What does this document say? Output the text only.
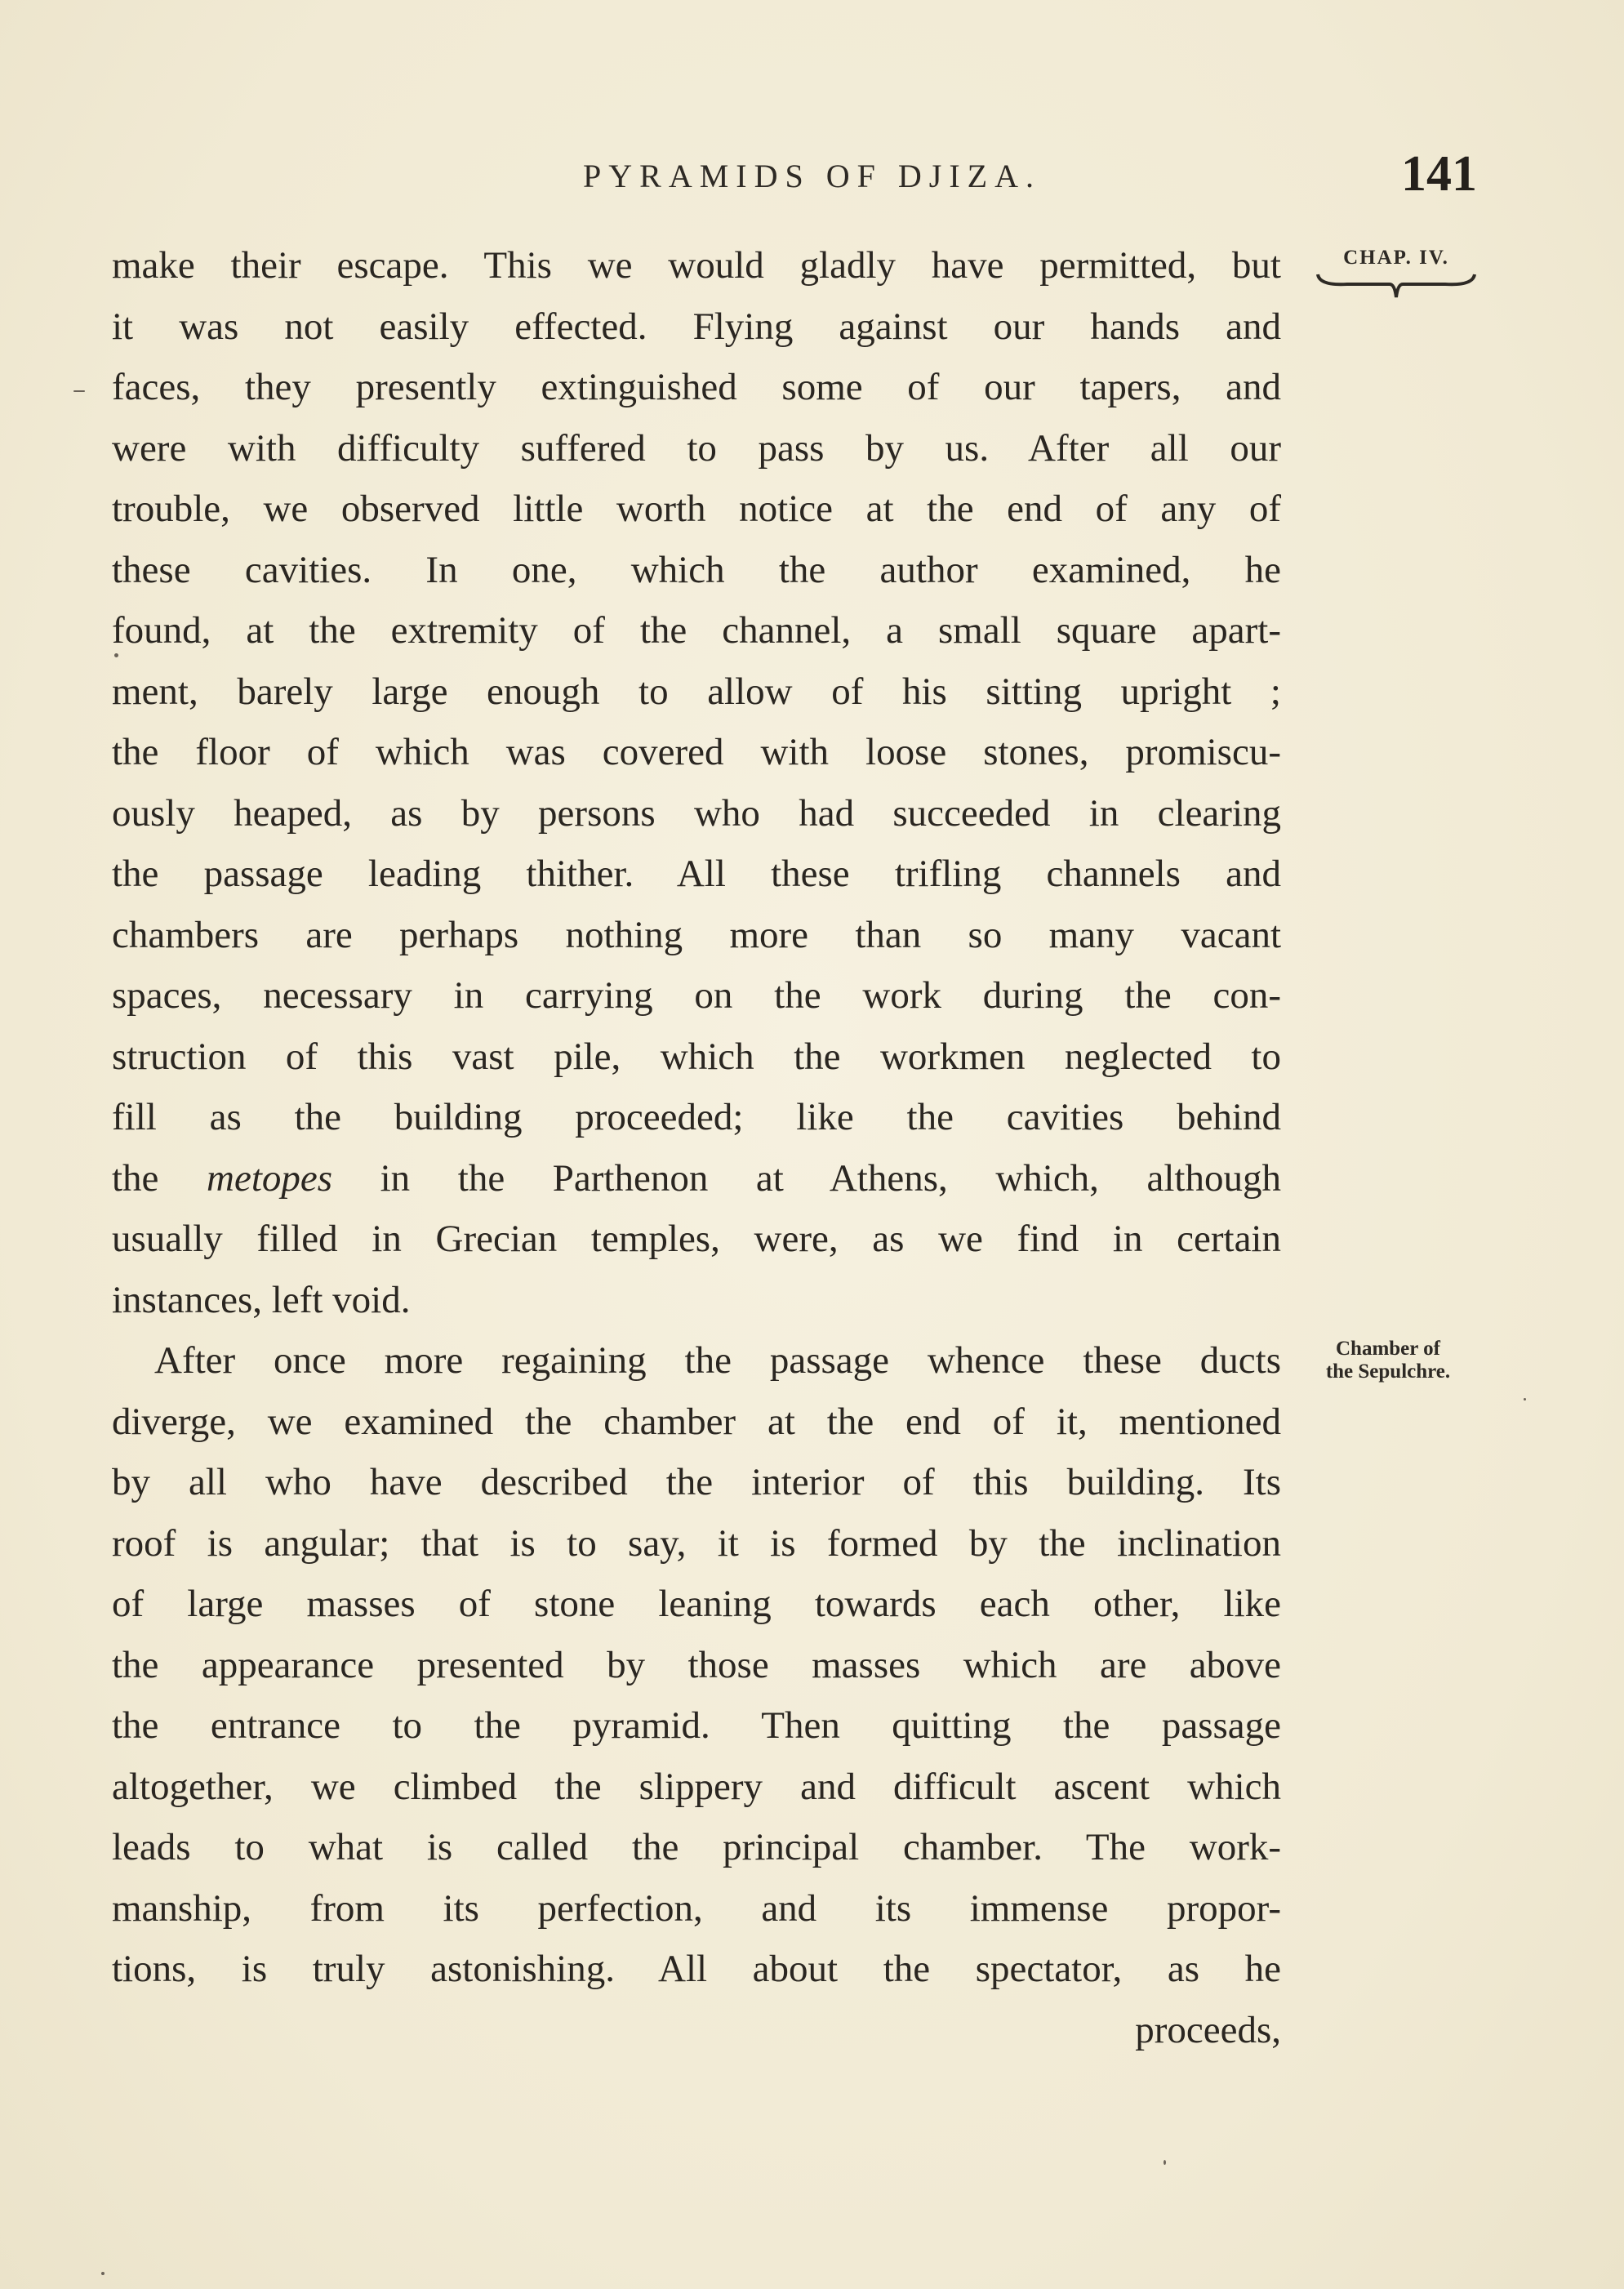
PYRAMIDS OF DJIZA.	141
CHAP. IV.
Chamber of
the Sepulchre.
make their escape. This we would gladly have permitted, but
it was not easily effected. Flying against our hands and
faces, they presently extinguished some of our tapers, and
were with difficulty suffered to pass by us. After all our
trouble, we observed little worth notice at the end of any of
these cavities. In one, which the author examined, he
found, at the extremity of the channel, a small square apart-
ment, barely large enough to allow of his sitting upright ;
the floor of which was covered with loose stones, promiscu-
ously heaped, as by persons who had succeeded in clearing
the passage leading thither. All these trifling channels and
chambers are perhaps nothing more than so many vacant
spaces, necessary in carrying on the work during the con-
struction of this vast pile, which the workmen neglected to
fill as the building proceeded; like the cavities behind
the metopes in the Parthenon at Athens, which, although
usually filled in Grecian temples, were, as we find in certain
instances, left void.
After once more regaining the passage whence these ducts
diverge, we examined the chamber at the end of it, mentioned
by all who have described the interior of this building. Its
roof is angular; that is to say, it is formed by the inclination
of large masses of stone leaning towards each other, like
the appearance presented by those masses which are above
the entrance to the pyramid. Then quitting the passage
altogether, we climbed the slippery and difficult ascent which
leads to what is called the principal chamber. The work-
manship, from its perfection, and its immense propor-
tions, is truly astonishing. All about the spectator, as he
proceeds,
